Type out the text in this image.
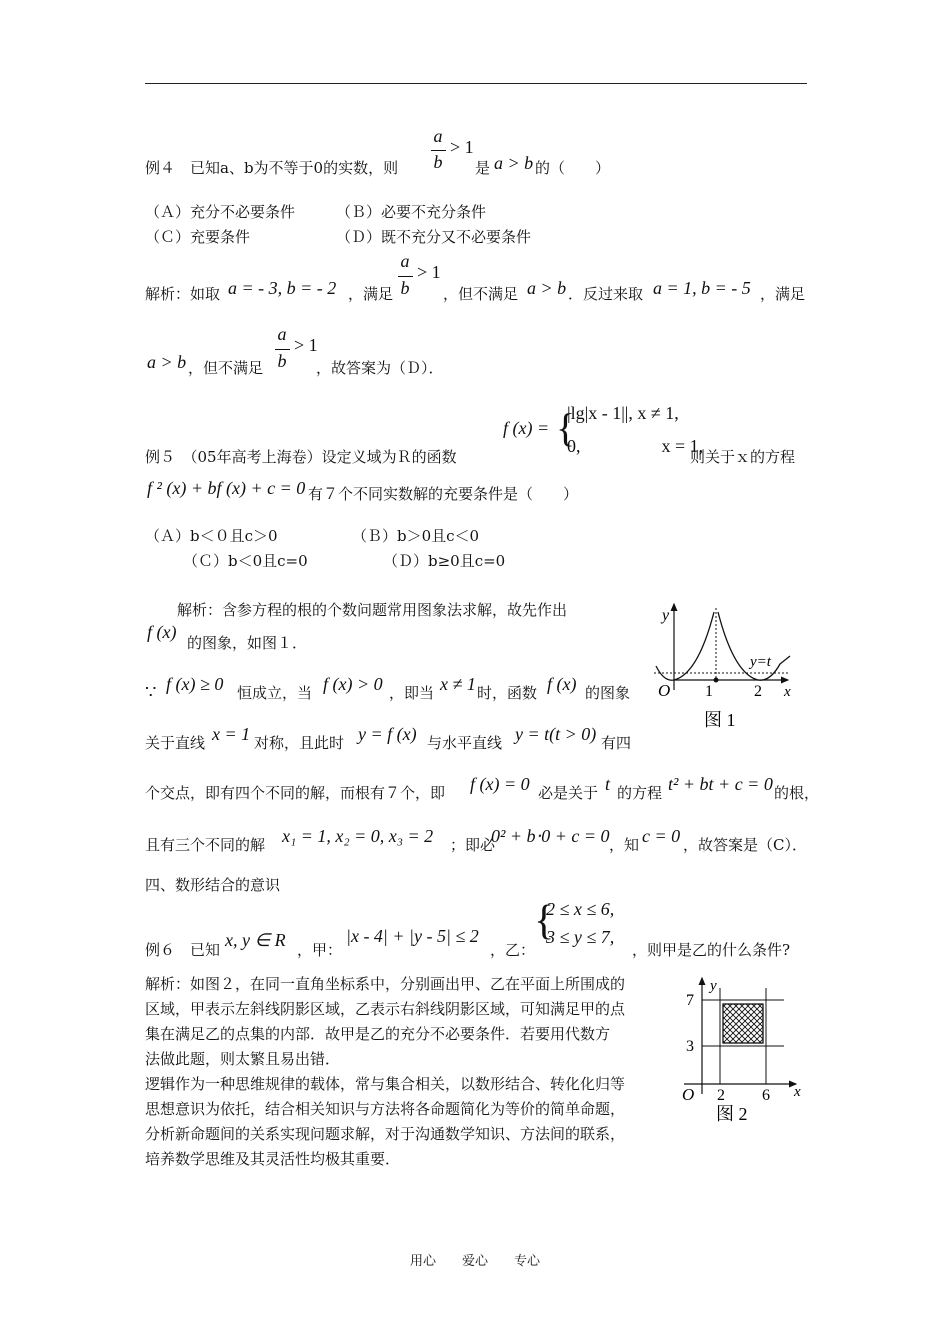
例４　已知a、b为不等于0的实数，则
a
b
> 1
是 a > b 的（　　）
（Ａ）充分不必要条件	（Ｂ）必要不充分条件
（Ｃ）充要条件	（Ｄ）既不充分又不必要条件
解析：如取 a = - 3, b = - 2 ，满足
a
b
> 1
，但不满足 a > b ．反过来取 a = 1, b = - 5 ，满足
a > b ，但不满足
a
b
> 1
，故答案为（Ｄ）．
例５　（05年高考上海卷）设定义域为Ｒ的函数
f (x) = {
|lg|x - 1||, x ≠ 1,
0,                  x = 1,
则关于ｘ的方程
f ² (x) + bf (x) + c = 0 有７个不同实数解的充要条件是（　　）
（Ａ）b＜０且c＞0	（Ｂ）b＞0且c＜0
（Ｃ）b＜0且c=0	（Ｄ）b≥0且c=0
解析：含参方程的根的个数问题常用图象法求解，故先作出
f (x)
的图象，如图１．
∵ f (x) ≥ 0 恒成立，当 f (x) > 0 ，即当 x ≠ 1 时，函数 f (x) 的图象
关于直线 x = 1 对称，且此时 y = f (x) 与水平直线 y = t(t > 0) 有四
个交点，即有四个不同的解，而根有７个，即 f (x) = 0 必是关于 t 的方程 t² + bt + c = 0 的根，
且有三个不同的解 x₁ = 1, x₂ = 0, x₃ = 2 ；即必
0² + b⋅0 + c = 0 ，知 c = 0 ，故答案是（C）．
y
x
O 1	2
y=t
图 1
四、数形结合的意识
例６　已知 x, y ∈ R ，甲：
|x - 4| + |y - 5| ≤ 2
，乙：
{
2 ≤ x ≤ 6,
3 ≤ y ≤ 7,
，则甲是乙的什么条件?
解析：如图２，在同一直角坐标系中，分别画出甲、乙在平面上所围成的
区域，甲表示左斜线阴影区域，乙表示右斜线阴影区域，可知满足甲的点
集在满足乙的点集的内部．故甲是乙的充分不必要条件．若要用代数方
法做此题，则太繁且易出错．
逻辑作为一种思维规律的载体，常与集合相关，以数形结合、转化化归等
思想意识为依托，结合相关知识与方法将各命题简化为等价的简单命题，
分析新命题间的关系实现问题求解，对于沟通数学知识、方法间的联系，
培养数学思维及其灵活性均极其重要．
y
x
O
7
3
2 6
图 2
用心　　爱心　　专心
